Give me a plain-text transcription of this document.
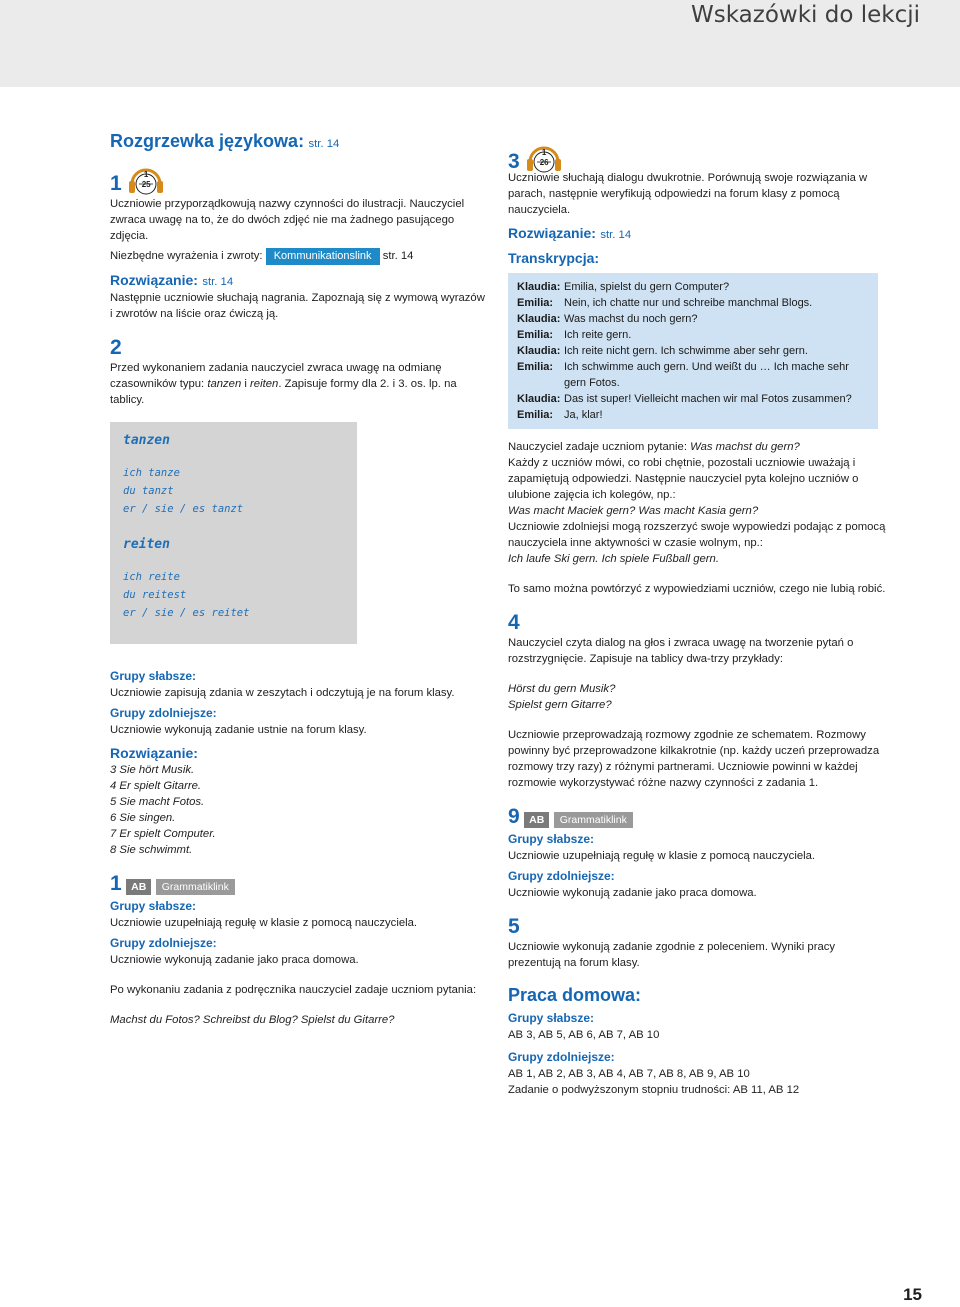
Wskazówki do lekcji
Rozgrzewka językowa: str. 14
1	1
25
Uczniowie przyporządkowują nazwy czynności do ilustracji. Nauczyciel zwraca uwagę na to, że do dwóch zdjęć nie ma żadnego pasującego zdjęcia.
Niezbędne wyrażenia i zwroty: Kommunikationslink str. 14
Rozwiązanie: str. 14
Następnie uczniowie słuchają nagrania. Zapoznają się z wymową wyrazów i zwrotów na liście oraz ćwiczą ją.
2
Przed wykonaniem zadania nauczyciel zwraca uwagę na odmianę czasowników typu: tanzen i reiten. Zapisuje formy dla 2. i 3. os. lp. na tablicy.
tanzen
ich tanze
du tanzt
er / sie / es tanzt
reiten
ich reite
du reitest
er / sie / es reitet
Grupy słabsze:
Uczniowie zapisują zdania w zeszytach i odczytują je na forum klasy.
Grupy zdolniejsze:
Uczniowie wykonują zadanie ustnie na forum klasy.
Rozwiązanie:
3 Sie hört Musik.
4 Er spielt Gitarre.
5 Sie macht Fotos.
6 Sie singen.
7 Er spielt Computer.
8 Sie schwimmt.
1 AB Grammatiklink
Grupy słabsze:
Uczniowie uzupełniają regułę w klasie z pomocą nauczyciela.
Grupy zdolniejsze:
Uczniowie wykonują zadanie jako praca domowa.
Po wykonaniu zadania z podręcznika nauczyciel zadaje uczniom pytania:
Machst du Fotos? Schreibst du Blog? Spielst du Gitarre?
3	1
26
Uczniowie słuchają dialogu dwukrotnie. Porównują swoje rozwiązania w parach, następnie weryfikują odpowiedzi na forum klasy z pomocą nauczyciela.
Rozwiązanie: str. 14
Transkrypcja:
Klaudia: Emilia, spielst du gern Computer?
Emilia: Nein, ich chatte nur und schreibe manchmal Blogs.
Klaudia: Was machst du noch gern?
Emilia: Ich reite gern.
Klaudia: Ich reite nicht gern. Ich schwimme aber sehr gern.
Emilia: Ich schwimme auch gern. Und weißt du … Ich mache sehr gern Fotos.
Klaudia: Das ist super! Vielleicht machen wir mal Fotos zusammen?
Emilia: Ja, klar!
Nauczyciel zadaje uczniom pytanie: Was machst du gern?
Każdy z uczniów mówi, co robi chętnie, pozostali uczniowie uważają i zapamiętują odpowiedzi. Następnie nauczyciel pyta kolejno uczniów o ulubione zajęcia ich kolegów, np.:
Was macht Maciek gern? Was macht Kasia gern?
Uczniowie zdolniejsi mogą rozszerzyć swoje wypowiedzi podając z pomocą nauczyciela inne aktywności w czasie wolnym, np.:
Ich laufe Ski gern. Ich spiele Fußball gern.
To samo można powtórzyć z wypowiedziami uczniów, czego nie lubią robić.
4
Nauczyciel czyta dialog na głos i zwraca uwagę na tworzenie pytań o rozstrzygnięcie. Zapisuje na tablicy dwa-trzy przykłady:
Hörst du gern Musik?
Spielst gern Gitarre?
Uczniowie przeprowadzają rozmowy zgodnie ze schematem. Rozmowy powinny być przeprowadzone kilkakrotnie (np. każdy uczeń przeprowadza rozmowy trzy razy) z różnymi partnerami. Uczniowie powinni w każdej rozmowie wykorzystywać różne nazwy czynności z zadania 1.
9 AB Grammatiklink
Grupy słabsze:
Uczniowie uzupełniają regułę w klasie z pomocą nauczyciela.
Grupy zdolniejsze:
Uczniowie wykonują zadanie jako praca domowa.
5
Uczniowie wykonują zadanie zgodnie z poleceniem. Wyniki pracy prezentują na forum klasy.
Praca domowa:
Grupy słabsze:
AB 3, AB 5, AB 6, AB 7, AB 10
Grupy zdolniejsze:
AB 1, AB 2, AB 3, AB 4, AB 7, AB 8, AB 9, AB 10
Zadanie o podwyższonym stopniu trudności: AB 11, AB 12
15
